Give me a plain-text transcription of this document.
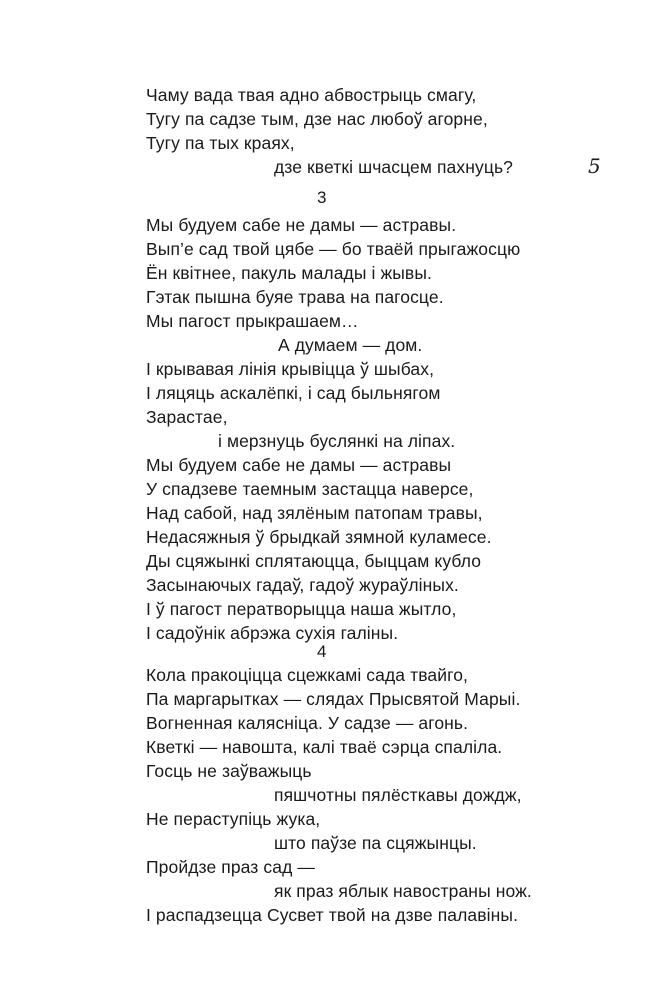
Чаму вада твая адно абвострыць смагу,
Тугу па садзе тым, дзе нас любоў агорне,
Тугу па тых краях,
дзе кветкі шчасцем пахнуць?	5
3
Мы будуем сабе не дамы — астравы.
Вып’е сад твой цябе — бо тваёй прыгажосцю
Ён квітнее, пакуль малады і жывы.
Гэтак пышна буяе трава на пагосце.
Мы пагост прыкрашаем…
А думаем — дом.
І крывавая лінія крывіцца ў шыбах,
І ляцяць аскалёпкі, і сад быльнягом
Зарастае,
і мерзнуць буслянкі на ліпах.
Мы будуем сабе не дамы — астравы
У спадзеве таемным застацца наверсе,
Над сабой, над зялёным патопам травы,
Недасяжныя ў брыдкай зямной куламесе.
Ды сцяжынкі сплятаюцца, быццам кубло
Засынаючых гадаў, гадоў жураўліных.
І ў пагост ператворыцца наша жытло,
І садоўнік абрэжа сухія галіны.
4
Кола пракоціцца сцежкамі сада твайго,
Па маргарытках — слядах Прысвятой Марыі.
Вогненная калясніца. У садзе — агонь.
Кветкі — навошта, калі тваё сэрца спаліла.
Госць не заўважыць
пяшчотны пялёсткавы дождж,
Не пераступіць жука,
што паўзе па сцяжынцы.
Пройдзе праз сад —
як праз яблык навостраны нож.
І распадзецца Сусвет твой на дзве палавіны.
